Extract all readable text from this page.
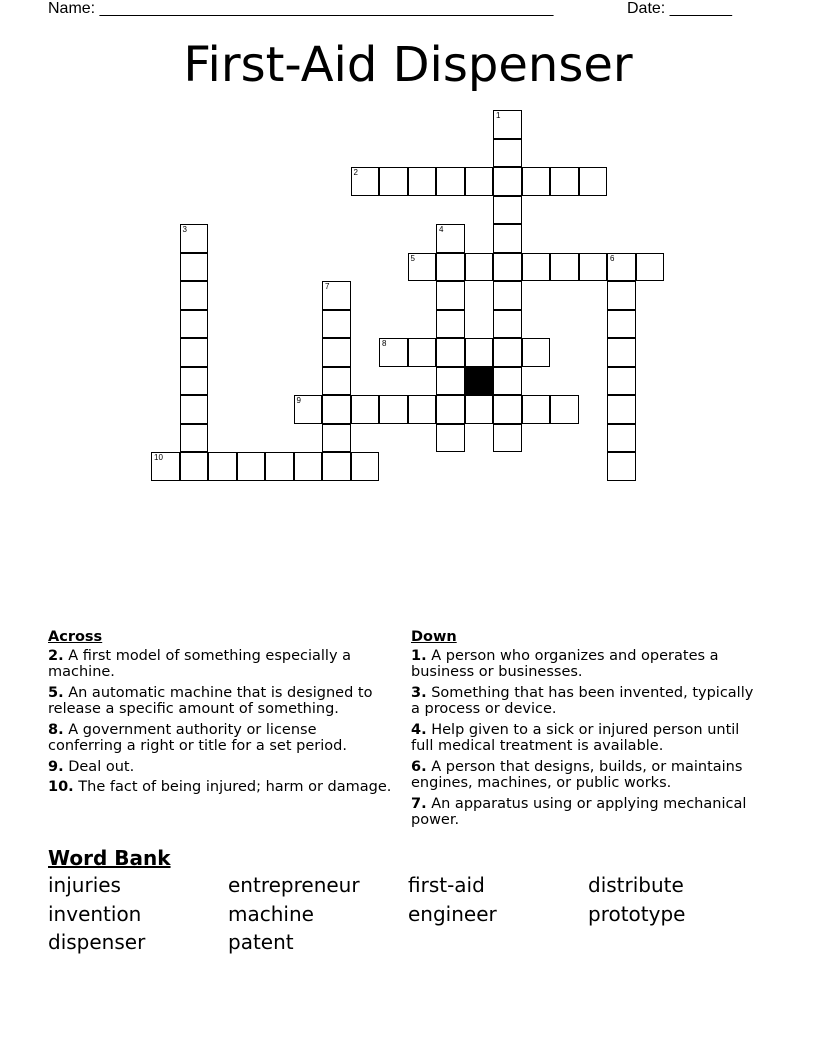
Name: ___________________________________________________	Date: _______
First-Aid Dispenser
2
5	6
8
9
10
1
3	4
7
Across
2. A first model of something especially a machine.
5. An automatic machine that is designed to release a specific amount of something.
8. A government authority or license conferring a right or title for a set period.
9. Deal out.
10. The fact of being injured; harm or damage.
Down
1. A person who organizes and operates a business or businesses.
3. Something that has been invented, typically a process or device.
4. Help given to a sick or injured person until full medical treatment is available.
6. A person that designs, builds, or maintains engines, machines, or public works.
7. An apparatus using or applying mechanical power.
Word Bank
injuries	entrepreneur	first-aid	distribute
invention	machine	engineer	prototype
dispenser	patent
